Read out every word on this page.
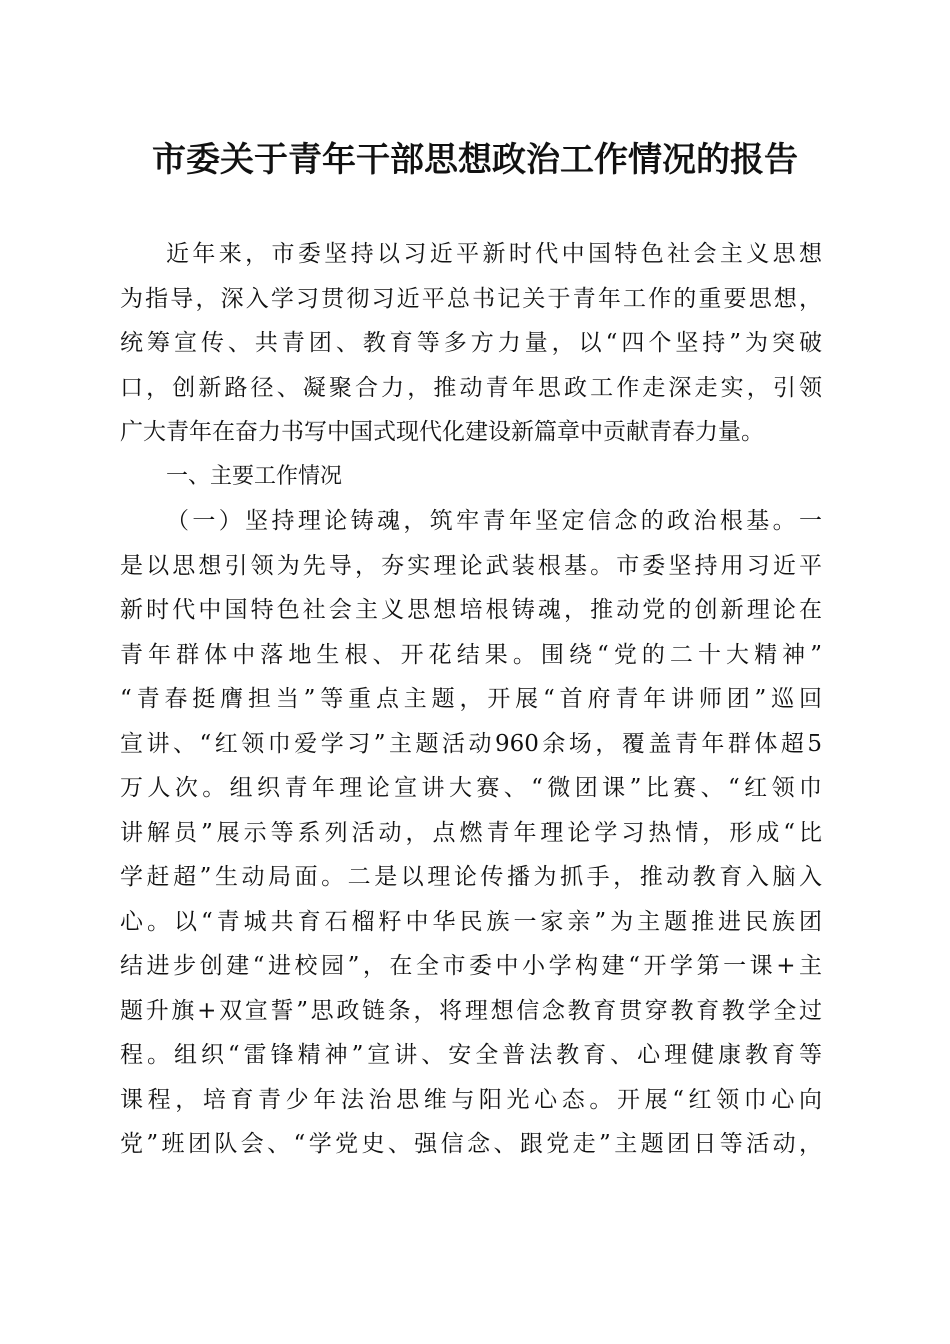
市委关于青年干部思想政治工作情况的报告
近年来，市委坚持以习近平新时代中国特色社会主义思想
为指导，深入学习贯彻习近平总书记关于青年工作的重要思想，
统筹宣传、共青团、教育等多方力量，以“四个坚持”为突破
口，创新路径、凝聚合力，推动青年思政工作走深走实，引领
广大青年在奋力书写中国式现代化建设新篇章中贡献青春力量。
一、主要工作情况
（一）坚持理论铸魂，筑牢青年坚定信念的政治根基。一
是以思想引领为先导，夯实理论武装根基。市委坚持用习近平
新时代中国特色社会主义思想培根铸魂，推动党的创新理论在
青年群体中落地生根、开花结果。围绕“党的二十大精神”
“青春挺膺担当”等重点主题，开展“首府青年讲师团”巡回
宣讲、“红领巾爱学习”主题活动960余场，覆盖青年群体超5
万人次。组织青年理论宣讲大赛、“微团课”比赛、“红领巾
讲解员”展示等系列活动，点燃青年理论学习热情，形成“比
学赶超”生动局面。二是以理论传播为抓手，推动教育入脑入
心。以“青城共育石榴籽中华民族一家亲”为主题推进民族团
结进步创建“进校园”，在全市委中小学构建“开学第一课+主
题升旗+双宣誓”思政链条，将理想信念教育贯穿教育教学全过
程。组织“雷锋精神”宣讲、安全普法教育、心理健康教育等
课程，培育青少年法治思维与阳光心态。开展“红领巾心向
党”班团队会、“学党史、强信念、跟党走”主题团日等活动，
